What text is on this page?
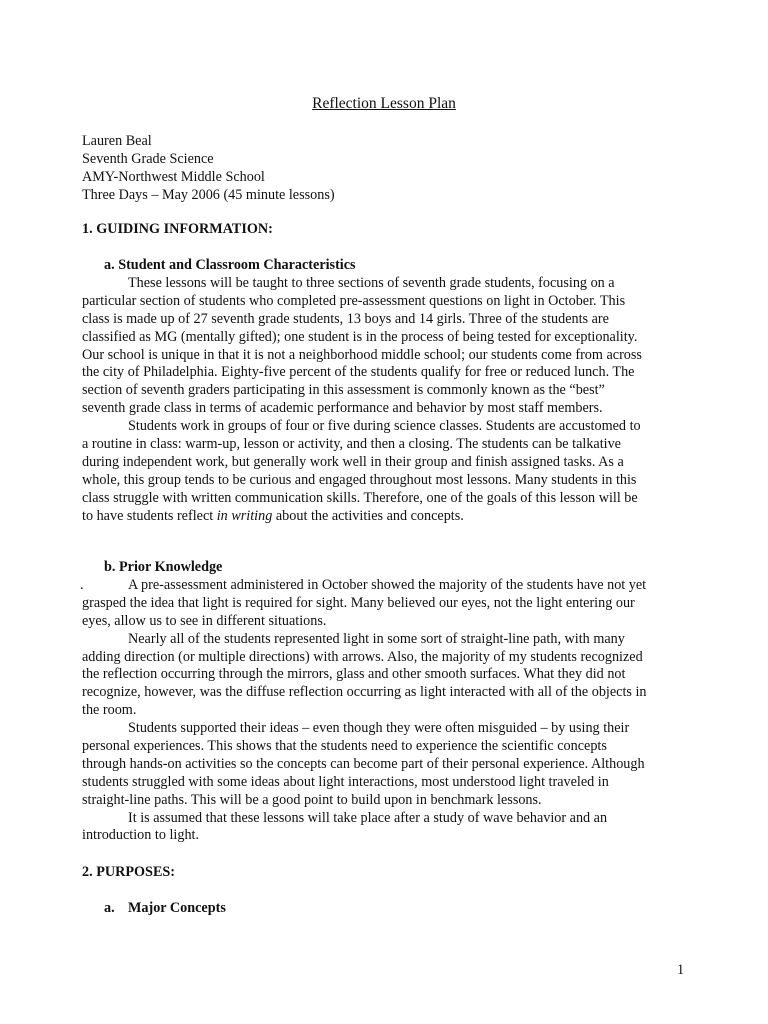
Reflection Lesson Plan
Lauren Beal
Seventh Grade Science
AMY-Northwest Middle School
Three Days – May 2006 (45 minute lessons)
1. GUIDING INFORMATION:
a. Student and Classroom Characteristics
These lessons will be taught to three sections of seventh grade students, focusing on a
particular section of students who completed pre-assessment questions on light in October. This
class is made up of 27 seventh grade students, 13 boys and 14 girls. Three of the students are
classified as MG (mentally gifted); one student is in the process of being tested for exceptionality.
Our school is unique in that it is not a neighborhood middle school; our students come from across
the city of Philadelphia. Eighty-five percent of the students qualify for free or reduced lunch. The
section of seventh graders participating in this assessment is commonly known as the “best”
seventh grade class in terms of academic performance and behavior by most staff members.
Students work in groups of four or five during science classes. Students are accustomed to
a routine in class: warm-up, lesson or activity, and then a closing. The students can be talkative
during independent work, but generally work well in their group and finish assigned tasks. As a
whole, this group tends to be curious and engaged throughout most lessons. Many students in this
class struggle with written communication skills. Therefore, one of the goals of this lesson will be
to have students reflect in writing about the activities and concepts.
b. Prior Knowledge
.	A pre-assessment administered in October showed the majority of the students have not yet
grasped the idea that light is required for sight. Many believed our eyes, not the light entering our
eyes, allow us to see in different situations.
Nearly all of the students represented light in some sort of straight-line path, with many
adding direction (or multiple directions) with arrows. Also, the majority of my students recognized
the reflection occurring through the mirrors, glass and other smooth surfaces. What they did not
recognize, however, was the diffuse reflection occurring as light interacted with all of the objects in
the room.
Students supported their ideas – even though they were often misguided – by using their
personal experiences. This shows that the students need to experience the scientific concepts
through hands-on activities so the concepts can become part of their personal experience. Although
students struggled with some ideas about light interactions, most understood light traveled in
straight-line paths. This will be a good point to build upon in benchmark lessons.
It is assumed that these lessons will take place after a study of wave behavior and an
introduction to light.
2. PURPOSES:
a. Major Concepts
1
